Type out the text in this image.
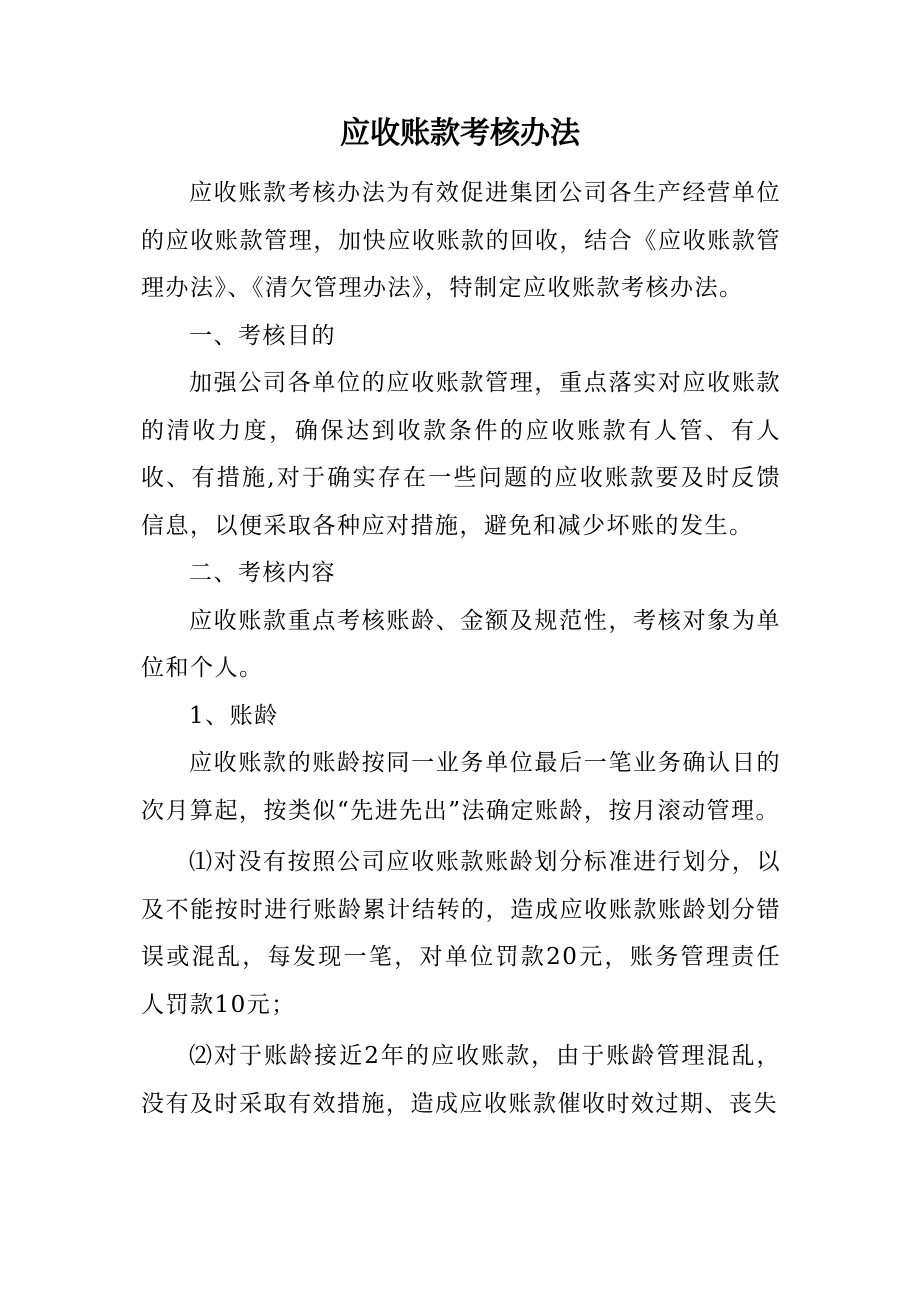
应收账款考核办法

应收账款考核办法为有效促进集团公司各生产经营单位的应收账款管理，加快应收账款的回收，结合《应收账款管理办法》、《清欠管理办法》，特制定应收账款考核办法。

一、考核目的

加强公司各单位的应收账款管理，重点落实对应收账款的清收力度，确保达到收款条件的应收账款有人管、有人收、有措施,对于确实存在一些问题的应收账款要及时反馈信息，以便采取各种应对措施，避免和减少坏账的发生。

二、考核内容

应收账款重点考核账龄、金额及规范性，考核对象为单位和个人。

1、账龄

应收账款的账龄按同一业务单位最后一笔业务确认日的次月算起，按类似“先进先出”法确定账龄，按月滚动管理。

⑴对没有按照公司应收账款账龄划分标准进行划分，以及不能按时进行账龄累计结转的，造成应收账款账龄划分错误或混乱，每发现一笔，对单位罚款20元，账务管理责任人罚款10元；

⑵对于账龄接近2年的应收账款，由于账龄管理混乱，没有及时采取有效措施，造成应收账款催收时效过期、丧失
